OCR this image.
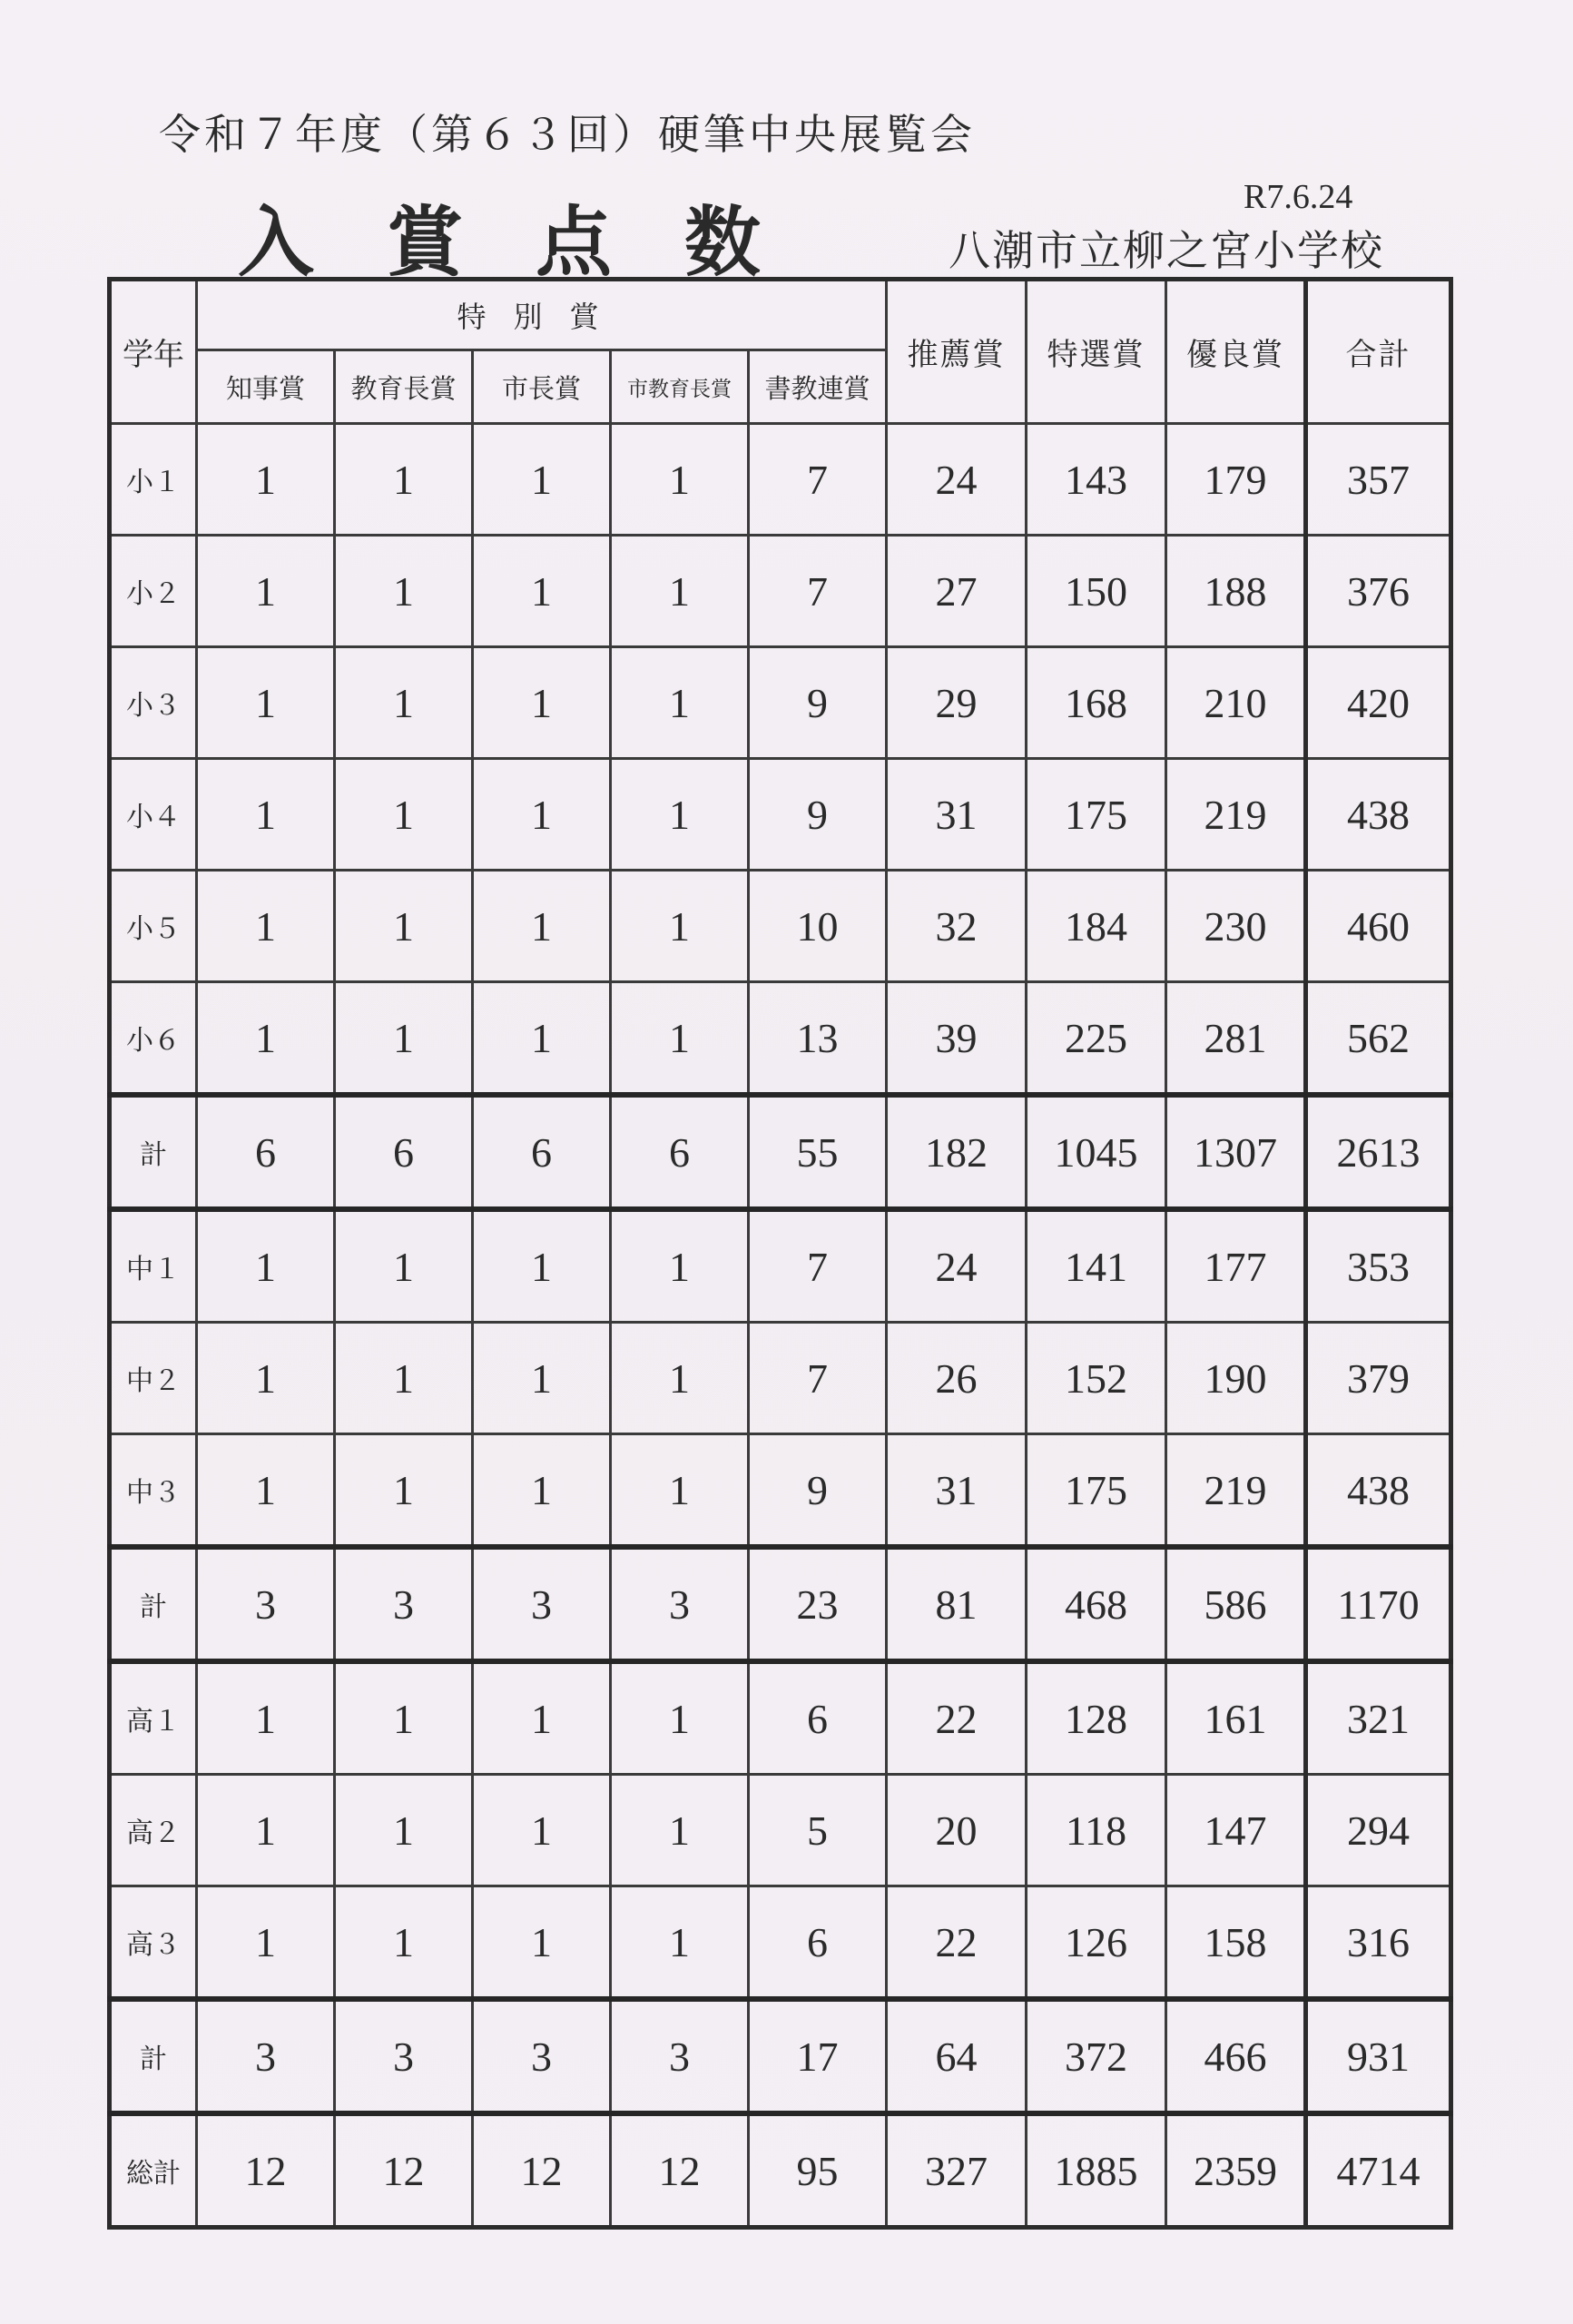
令和７年度（第６３回）硬筆中央展覧会
入賞点数	R7.6.24
八潮市立柳之宮小学校
学年	特別賞					推薦賞	特選賞	優良賞	合計
	知事賞	教育長賞	市長賞	市教育長賞	書教連賞				
小１	1	1	1	1	7	24	143	179	357
小２	1	1	1	1	7	27	150	188	376
小３	1	1	1	1	9	29	168	210	420
小４	1	1	1	1	9	31	175	219	438
小５	1	1	1	1	10	32	184	230	460
小６	1	1	1	1	13	39	225	281	562
計	6	6	6	6	55	182	1045	1307	2613
中１	1	1	1	1	7	24	141	177	353
中２	1	1	1	1	7	26	152	190	379
中３	1	1	1	1	9	31	175	219	438
計	3	3	3	3	23	81	468	586	1170
高１	1	1	1	1	6	22	128	161	321
高２	1	1	1	1	5	20	118	147	294
高３	1	1	1	1	6	22	126	158	316
計	3	3	3	3	17	64	372	466	931
総計	12	12	12	12	95	327	1885	2359	4714
